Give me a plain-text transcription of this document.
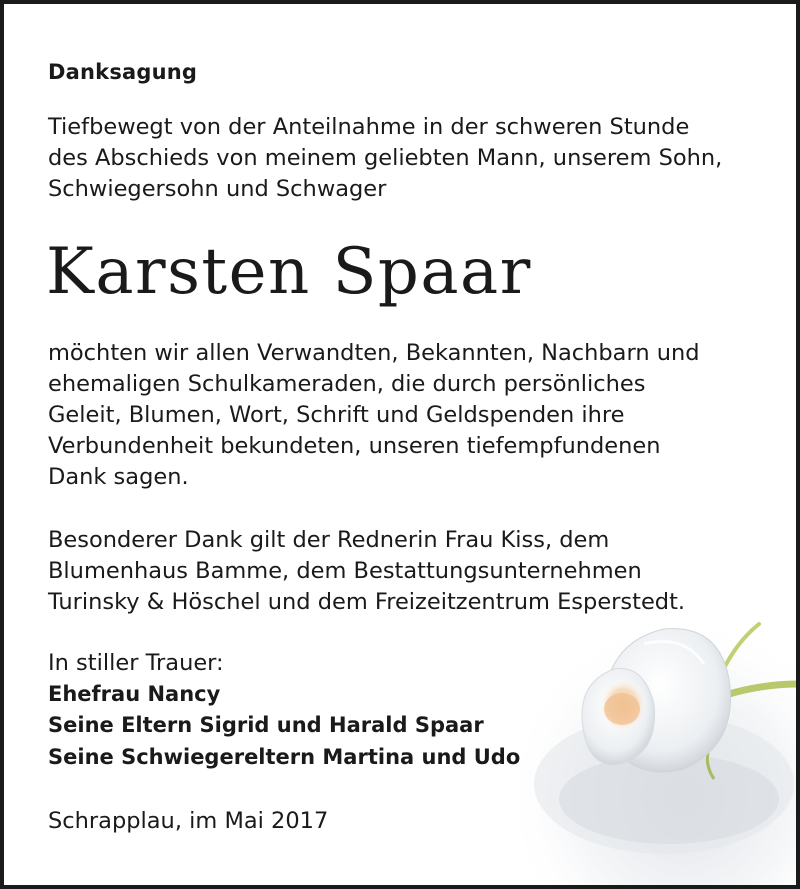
Danksagung
Tiefbewegt von der Anteilnahme in der schweren Stunde
des Abschieds von meinem geliebten Mann, unserem Sohn,
Schwiegersohn und Schwager
Karsten Spaar
möchten wir allen Verwandten, Bekannten, Nachbarn und
ehemaligen Schulkameraden, die durch persönliches
Geleit, Blumen, Wort, Schrift und Geldspenden ihre
Verbundenheit bekundeten, unseren tiefempfundenen
Dank sagen.
Besonderer Dank gilt der Rednerin Frau Kiss, dem
Blumenhaus Bamme, dem Bestattungsunternehmen
Turinsky & Höschel und dem Freizeitzentrum Esperstedt.
In stiller Trauer:
Ehefrau Nancy
Seine Eltern Sigrid und Harald Spaar
Seine Schwiegereltern Martina und Udo
Schrapplau, im Mai 2017
